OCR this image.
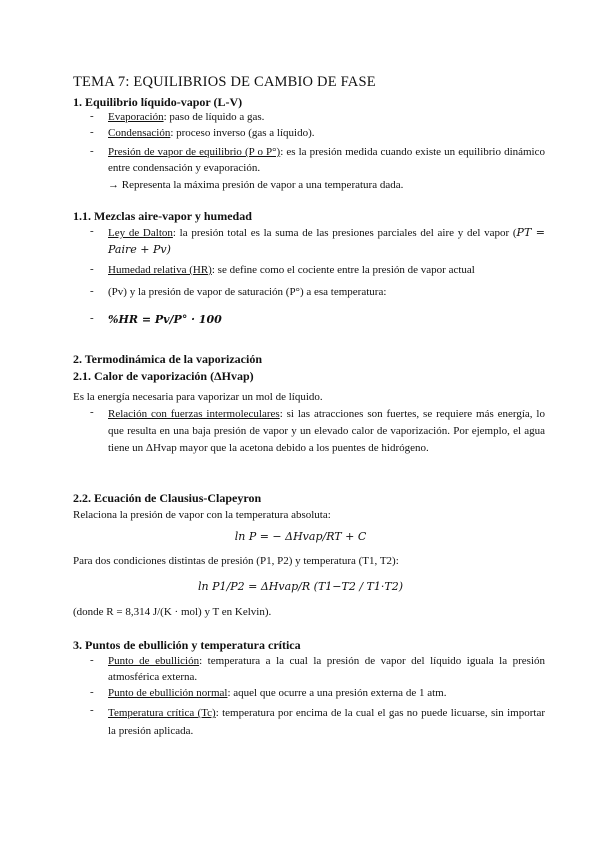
TEMA 7: EQUILIBRIOS DE CAMBIO DE FASE
1. Equilibrio líquido-vapor (L-V)
- Evaporación: paso de líquido a gas.
- Condensación: proceso inverso (gas a líquido).
- Presión de vapor de equilibrio (P o P°): es la presión medida cuando existe un equilibrio dinámico entre condensación y evaporación.
→ Representa la máxima presión de vapor a una temperatura dada.
1.1. Mezclas aire-vapor y humedad
- Ley de Dalton: la presión total es la suma de las presiones parciales del aire y del vapor (PT = Paire + Pv)
- Humedad relativa (HR): se define como el cociente entre la presión de vapor actual
- (Pv) y la presión de vapor de saturación (P°) a esa temperatura:
- %HR = Pv/P° · 100
2. Termodinámica de la vaporización
2.1. Calor de vaporización (ΔHvap)
Es la energía necesaria para vaporizar un mol de líquido.
- Relación con fuerzas intermoleculares: si las atracciones son fuertes, se requiere más energía, lo que resulta en una baja presión de vapor y un elevado calor de vaporización. Por ejemplo, el agua tiene un ΔHvap mayor que la acetona debido a los puentes de hidrógeno.
2.2. Ecuación de Clausius-Clapeyron
Relaciona la presión de vapor con la temperatura absoluta:
ln P = − ΔHvap/RT + C
Para dos condiciones distintas de presión (P1, P2) y temperatura (T1, T2):
ln P1/P2 = ΔHvap/R (T1−T2 / T1·T2)
(donde R = 8,314 J/(K · mol) y T en Kelvin).
3. Puntos de ebullición y temperatura crítica
- Punto de ebullición: temperatura a la cual la presión de vapor del líquido iguala la presión atmosférica externa.
- Punto de ebullición normal: aquel que ocurre a una presión externa de 1 atm.
- Temperatura crítica (Tc): temperatura por encima de la cual el gas no puede licuarse, sin importar la presión aplicada.
